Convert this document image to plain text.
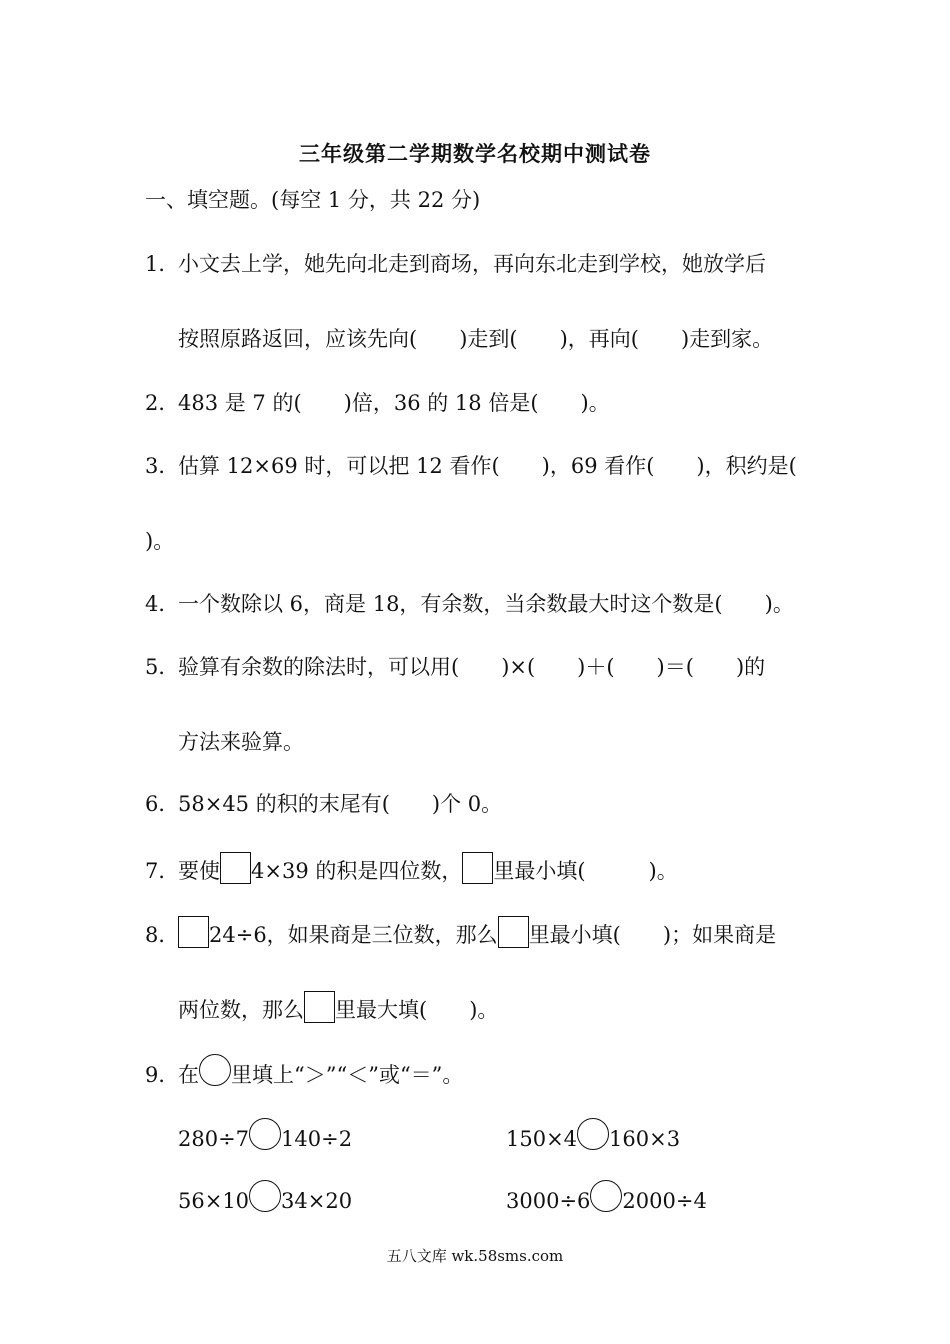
三年级第二学期数学名校期中测试卷
一、填空题。(每空 1 分，共 22 分)
1．小文去上学，她先向北走到商场，再向东北走到学校，她放学后
按照原路返回，应该先向(　　)走到(　　)，再向(　　)走到家。
2．483 是 7 的(　　)倍，36 的 18 倍是(　　)。
3．估算 12×69 时，可以把 12 看作(　　)，69 看作(　　)，积约是(
)。
4．一个数除以 6，商是 18，有余数，当余数最大时这个数是(　　)。
5．验算有余数的除法时，可以用(　　)×(　　)＋(　　)＝(　　)的
方法来验算。
6．58×45 的积的末尾有(　　)个 0。
7．要使 4×39 的积是四位数， 里最小填(　　　)。
8． 24÷6，如果商是三位数，那么 里最小填(　　)；如果商是
两位数，那么 里最大填(　　)。
9．在 里填上“＞”“＜”或“＝”。
280÷7 140÷2	150×4 160×3
56×10 34×20	3000÷6 2000÷4
五八文库 wk.58sms.com
